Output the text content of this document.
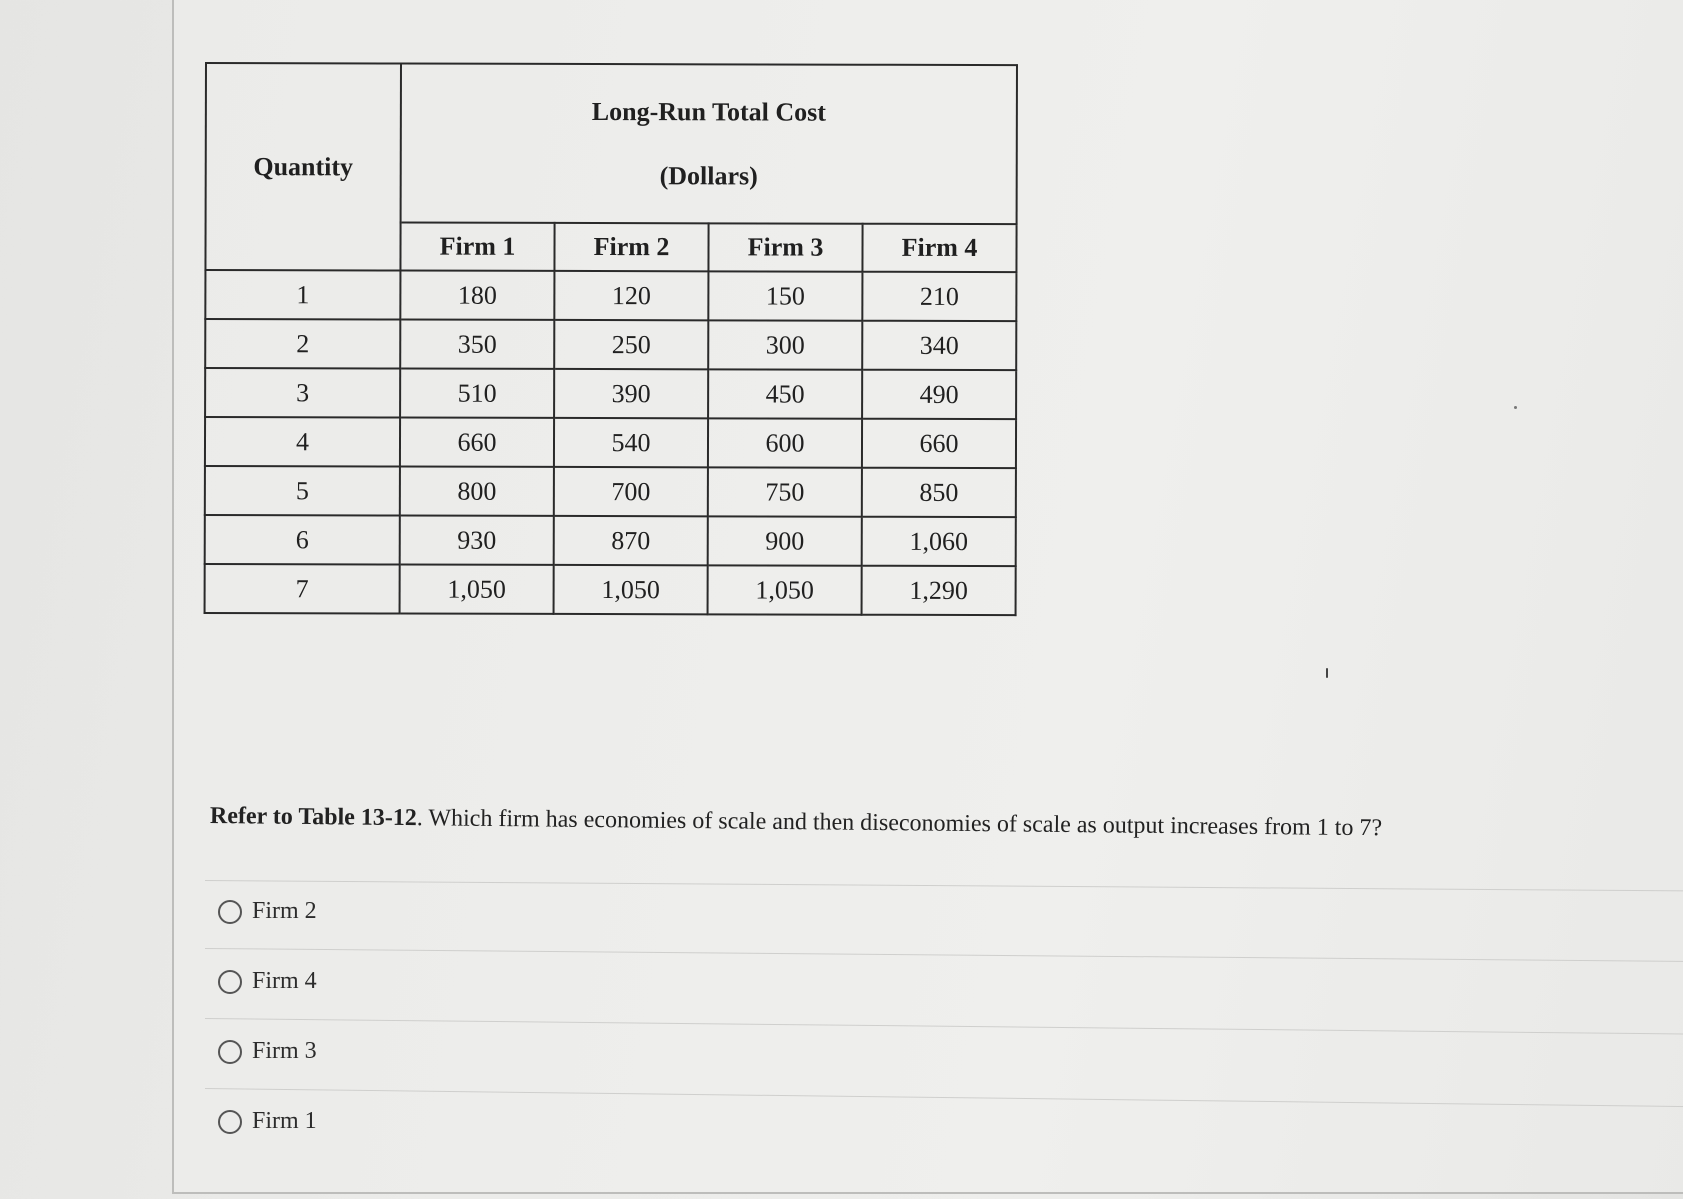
Quantity	Long-Run Total Cost
(Dollars)			
	Firm 1	Firm 2	Firm 3	Firm 4
1	180	120	150	210
2	350	250	300	340
3	510	390	450	490
4	660	540	600	660
5	800	700	750	850
6	930	870	900	1,060
7	1,050	1,050	1,050	1,290
Refer to Table 13-12. Which firm has economies of scale and then diseconomies of scale as output increases from 1 to 7?
Firm 2
Firm 4
Firm 3
Firm 1
